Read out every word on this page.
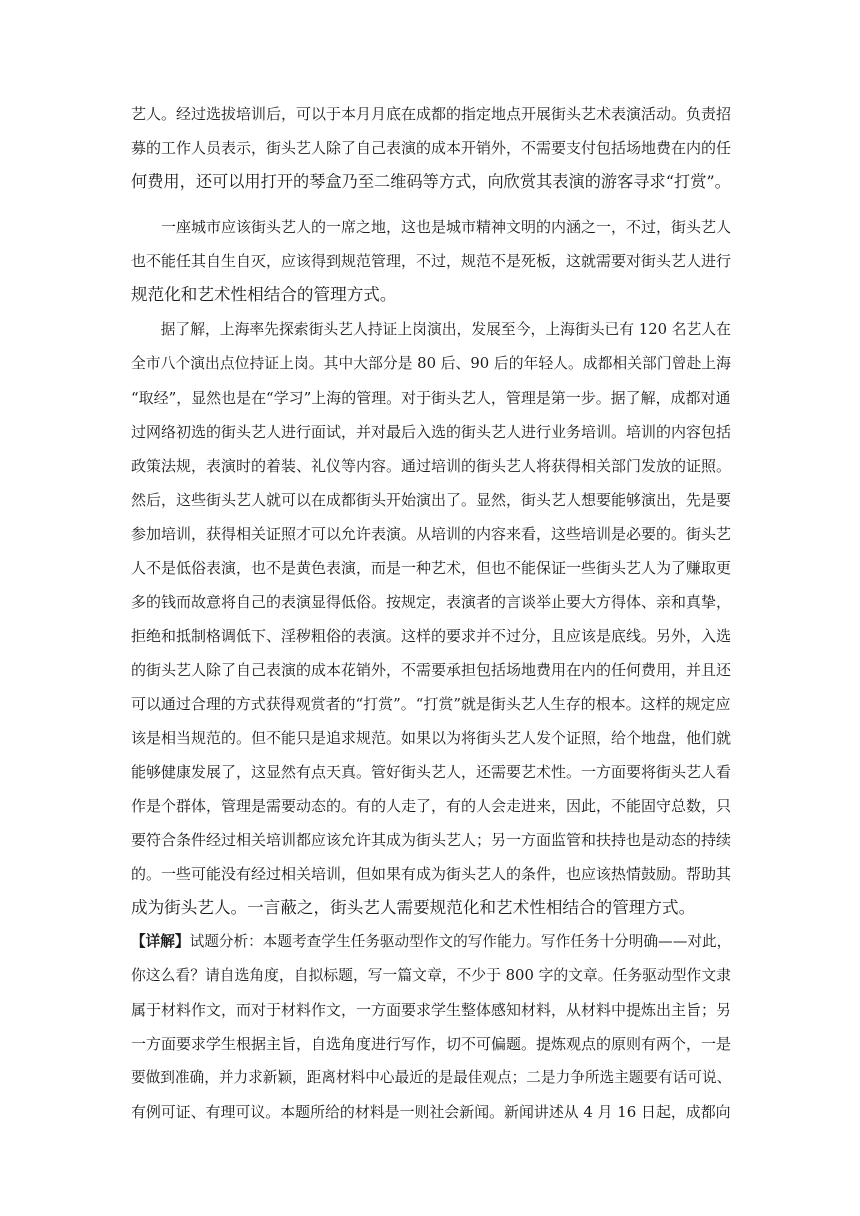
艺人。经过选拔培训后，可以于本月月底在成都的指定地点开展街头艺术表演活动。负责招
募的工作人员表示，街头艺人除了自己表演的成本开销外，不需要支付包括场地费在内的任
何费用，还可以用打开的琴盒乃至二维码等方式，向欣赏其表演的游客寻求“打赏”。
　　一座城市应该街头艺人的一席之地，这也是城市精神文明的内涵之一，不过，街头艺人
也不能任其自生自灭，应该得到规范管理，不过，规范不是死板，这就需要对街头艺人进行
规范化和艺术性相结合的管理方式。
　　据了解，上海率先探索街头艺人持证上岗演出，发展至今，上海街头已有 120 名艺人在
全市八个演出点位持证上岗。其中大部分是 80 后、90 后的年轻人。成都相关部门曾赴上海
“取经”，显然也是在“学习”上海的管理。对于街头艺人，管理是第一步。据了解，成都对通
过网络初选的街头艺人进行面试，并对最后入选的街头艺人进行业务培训。培训的内容包括
政策法规，表演时的着装、礼仪等内容。通过培训的街头艺人将获得相关部门发放的证照。
然后，这些街头艺人就可以在成都街头开始演出了。显然，街头艺人想要能够演出，先是要
参加培训，获得相关证照才可以允许表演。从培训的内容来看，这些培训是必要的。街头艺
人不是低俗表演，也不是黄色表演，而是一种艺术，但也不能保证一些街头艺人为了赚取更
多的钱而故意将自己的表演显得低俗。按规定，表演者的言谈举止要大方得体、亲和真挚，
拒绝和抵制格调低下、淫秽粗俗的表演。这样的要求并不过分，且应该是底线。另外，入选
的街头艺人除了自己表演的成本花销外，不需要承担包括场地费用在内的任何费用，并且还
可以通过合理的方式获得观赏者的“打赏”。“打赏”就是街头艺人生存的根本。这样的规定应
该是相当规范的。但不能只是追求规范。如果以为将街头艺人发个证照，给个地盘，他们就
能够健康发展了，这显然有点天真。管好街头艺人，还需要艺术性。一方面要将街头艺人看
作是个群体，管理是需要动态的。有的人走了，有的人会走进来，因此，不能固守总数，只
要符合条件经过相关培训都应该允许其成为街头艺人；另一方面监管和扶持也是动态的持续
的。一些可能没有经过相关培训，但如果有成为街头艺人的条件，也应该热情鼓励。帮助其
成为街头艺人。一言蔽之，街头艺人需要规范化和艺术性相结合的管理方式。
【详解】试题分析：本题考查学生任务驱动型作文的写作能力。写作任务十分明确——对此，
你这么看？请自选角度，自拟标题，写一篇文章，不少于 800 字的文章。任务驱动型作文隶
属于材料作文，而对于材料作文，一方面要求学生整体感知材料，从材料中提炼出主旨；另
一方面要求学生根据主旨，自选角度进行写作，切不可偏题。提炼观点的原则有两个，一是
要做到准确，并力求新颖，距离材料中心最近的是最佳观点；二是力争所选主题要有话可说、
有例可证、有理可议。本题所给的材料是一则社会新闻。新闻讲述从 4 月 16 日起，成都向
